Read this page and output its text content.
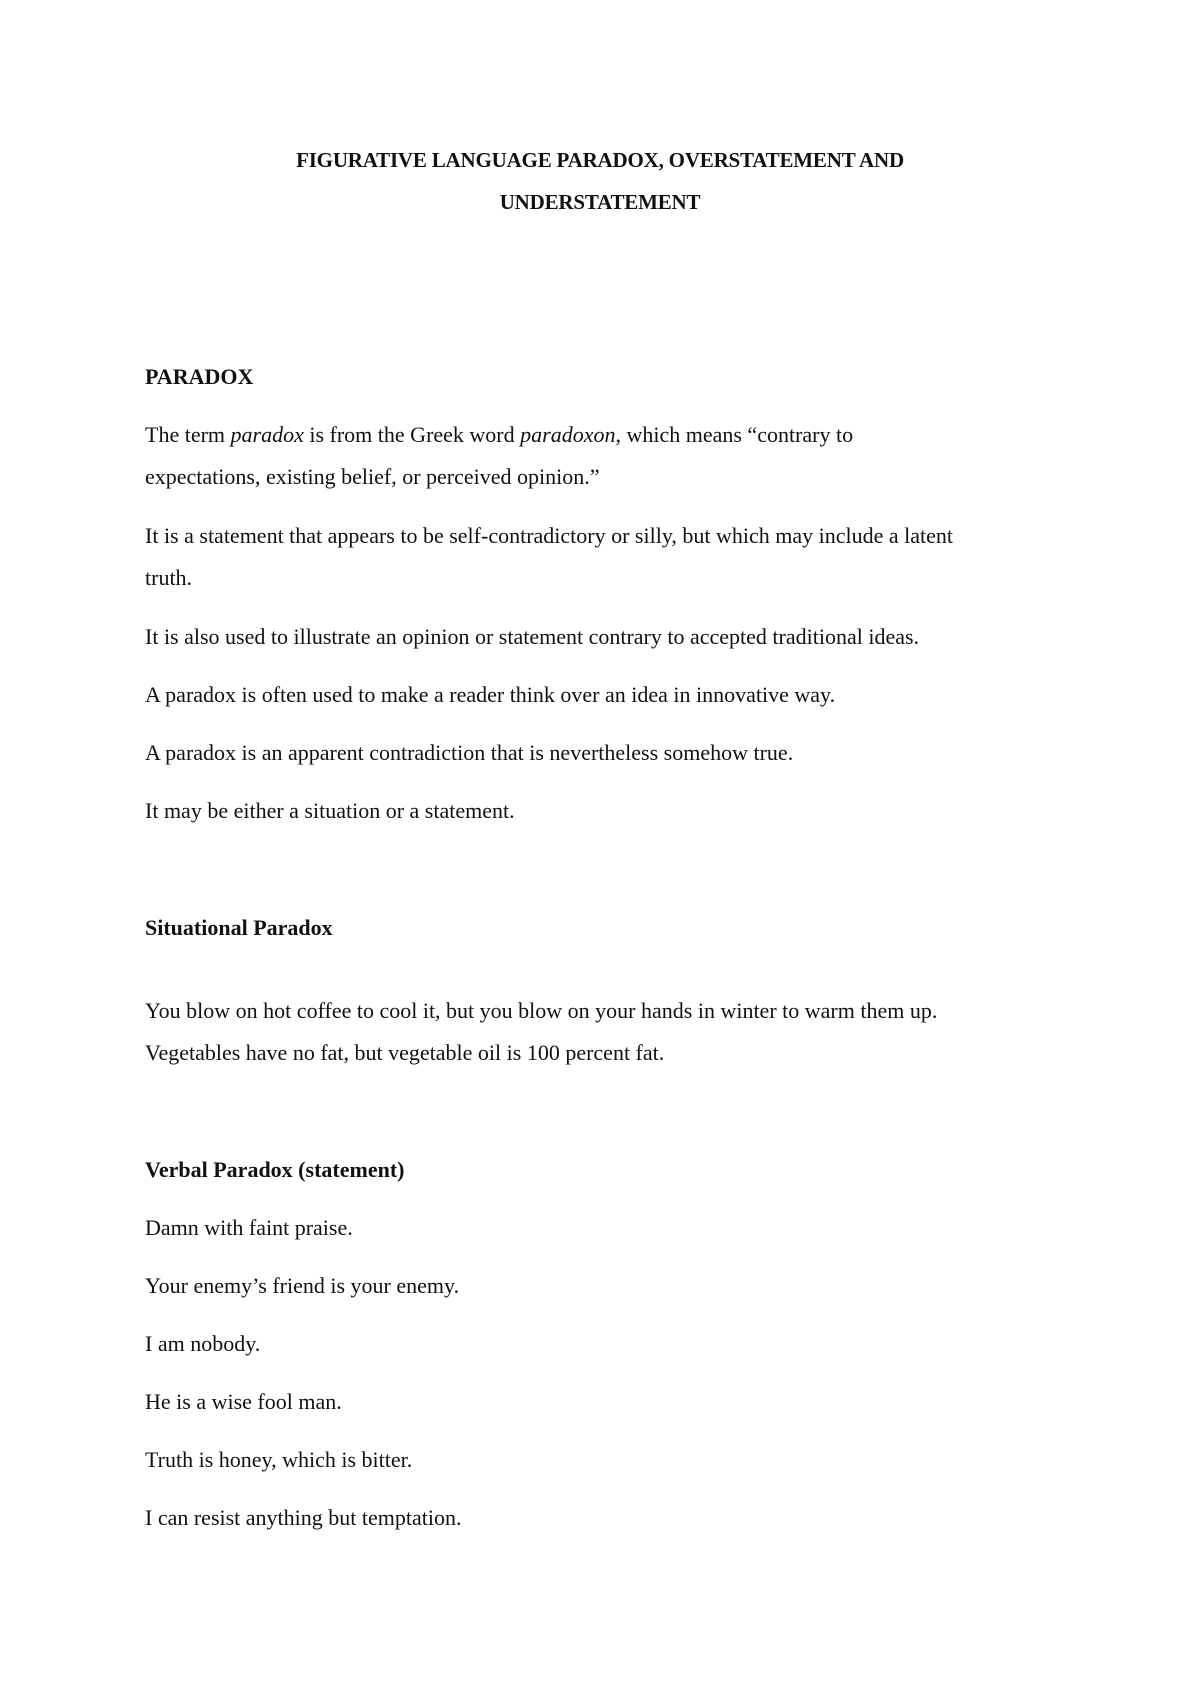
FIGURATIVE LANGUAGE PARADOX, OVERSTATEMENT AND
UNDERSTATEMENT
PARADOX
The term paradox is from the Greek word paradoxon, which means “contrary to
expectations, existing belief, or perceived opinion.”
It is a statement that appears to be self-contradictory or silly, but which may include a latent
truth.
It is also used to illustrate an opinion or statement contrary to accepted traditional ideas.
A paradox is often used to make a reader think over an idea in innovative way.
A paradox is an apparent contradiction that is nevertheless somehow true.
It may be either a situation or a statement.
Situational Paradox
You blow on hot coffee to cool it, but you blow on your hands in winter to warm them up.
Vegetables have no fat, but vegetable oil is 100 percent fat.
Verbal Paradox (statement)
Damn with faint praise.
Your enemy’s friend is your enemy.
I am nobody.
He is a wise fool man.
Truth is honey, which is bitter.
I can resist anything but temptation.
